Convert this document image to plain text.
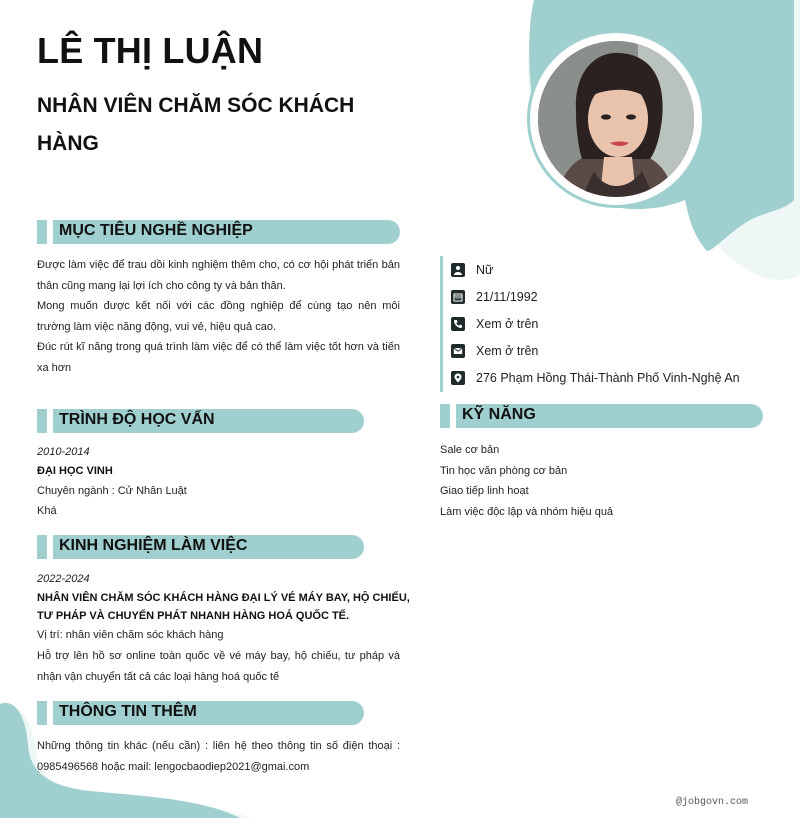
LÊ THỊ LUẬN
NHÂN VIÊN CHĂM SÓC KHÁCH HÀNG
MỤC TIÊU NGHỀ NGHIỆP

Được làm việc để trau dồi kinh nghiệm thêm cho, có cơ hội phát triển bản thân cũng mang lại lợi ích cho công ty và bản thân.

Mong muốn được kết nối với các đồng nghiệp để cùng tạo nên môi trường làm việc năng động, vui vẻ, hiệu quả cao.

Đúc rút kĩ năng trong quá trình làm việc để có thể làm việc tốt hơn và tiến xa hơn

TRÌNH ĐỘ HỌC VẤN
2010-2014
ĐẠI HỌC VINH
Chuyên ngành : Cử Nhân Luật
Khá
KINH NGHIỆM LÀM VIỆC
2022-2024
NHÂN VIÊN CHĂM SÓC KHÁCH HÀNG ĐẠI LÝ VÉ MÁY BAY, HỘ CHIẾU,
TƯ PHÁP VÀ CHUYỂN PHÁT NHANH HÀNG HOÁ QUỐC TẾ.
Vị trí: nhân viên chăm sóc khách hàng
Hỗ trợ lên hồ sơ online toàn quốc về vé máy bay, hộ chiếu, tư pháp và nhận vận chuyển tất cả các loại hàng hoá quốc tế
THÔNG TIN THÊM
Những thông tin khác (nếu cần) : liên hệ theo thông tin số điện thoại : 0985496568 hoặc mail: lengocbaodiep2021@gmai.com
Nữ
21/11/1992
Xem ở trên
Xem ở trên
276 Phạm Hồng Thái-Thành Phố Vinh-Nghệ An
KỸ NĂNG
Sale cơ bản
Tin học văn phòng cơ bản
Giao tiếp linh hoạt
Làm việc độc lập và nhóm hiệu quả
@jobgovn.com
